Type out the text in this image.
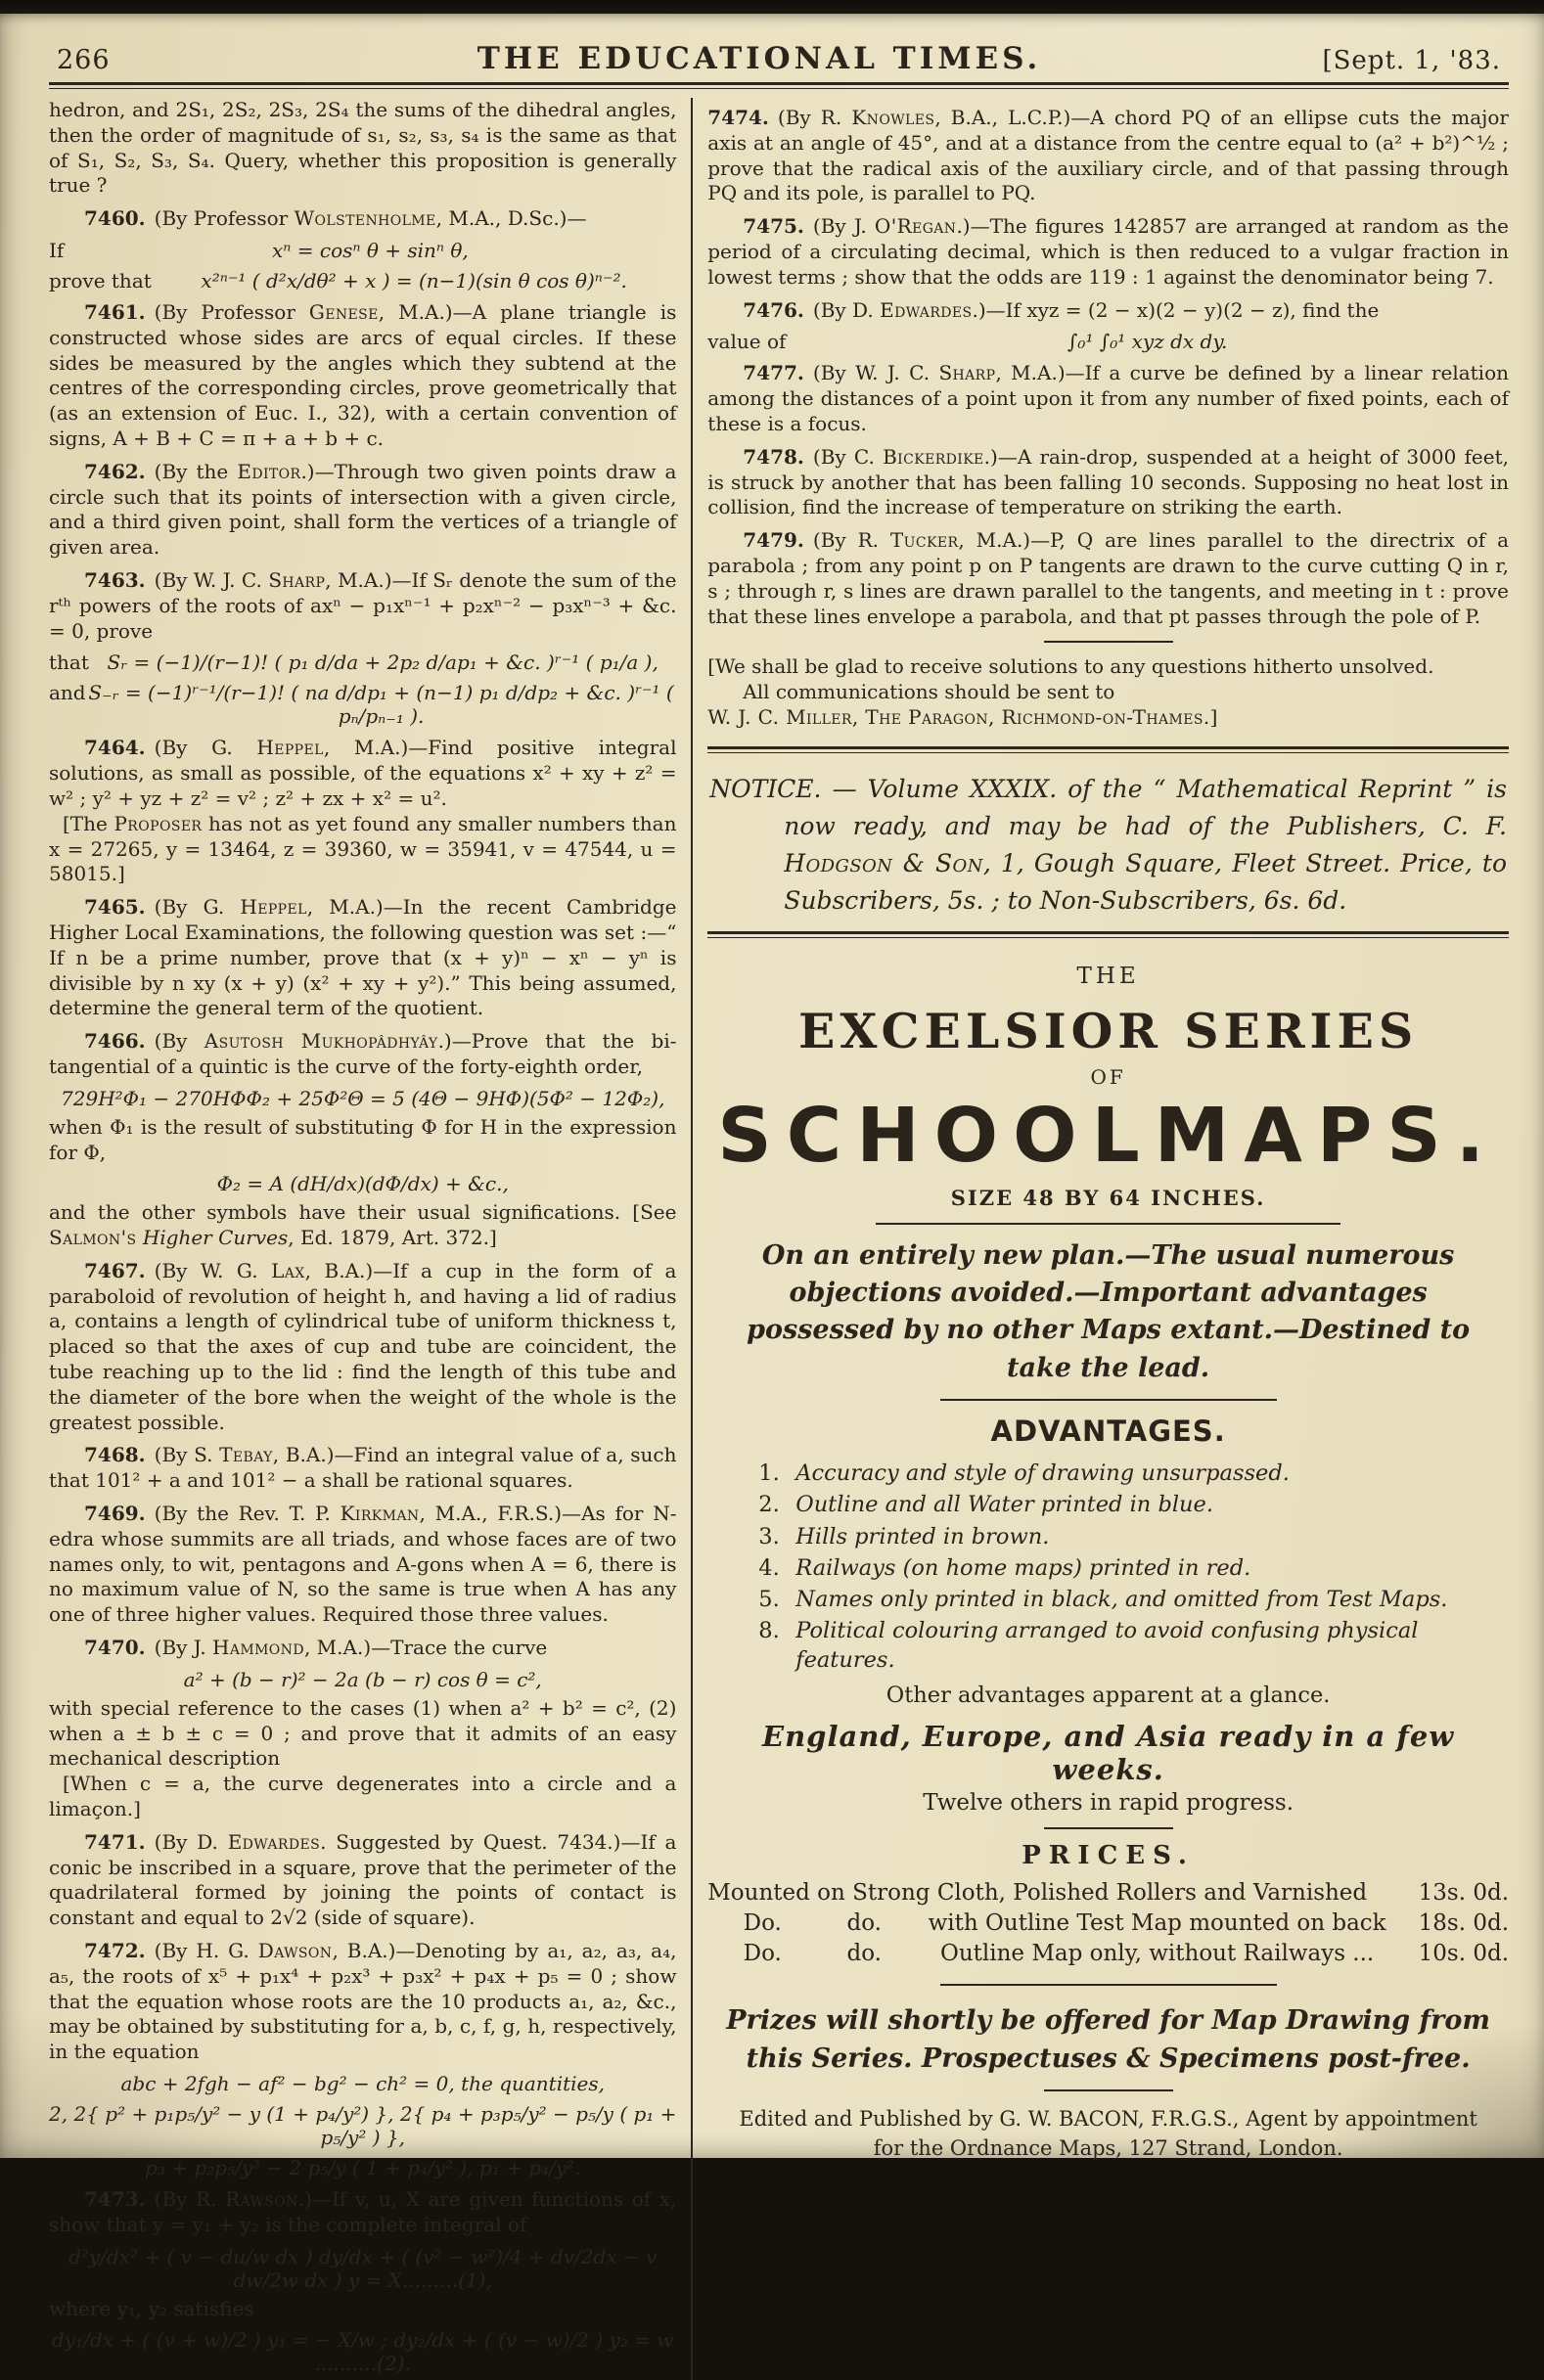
266	THE EDUCATIONAL TIMES.	[Sept. 1, '83.

hedron, and 2S₁, 2S₂, 2S₃, 2S₄ the sums of the dihedral angles, then the order of magnitude of s₁, s₂, s₃, s₄ is the same as that of S₁, S₂, S₃, S₄. Query, whether this proposition is generally true ?

7460. (By Professor Wolstenholme, M.A., D.Sc.)—

If	xⁿ = cosⁿ θ + sinⁿ θ,
prove that	x²ⁿ⁻¹ ( d²x/dθ² + x ) = (n−1)(sin θ cos θ)ⁿ⁻².

7461. (By Professor Genese, M.A.)—A plane triangle is constructed whose sides are arcs of equal circles. If these sides be measured by the angles which they subtend at the centres of the corresponding circles, prove geometrically that (as an extension of Euc. I., 32), with a certain convention of signs, A + B + C = π + a + b + c.

7462. (By the Editor.)—Through two given points draw a circle such that its points of intersection with a given circle, and a third given point, shall form the vertices of a triangle of given area.

7463. (By W. J. C. Sharp, M.A.)—If Sᵣ denote the sum of the rᵗʰ powers of the roots of axⁿ − p₁xⁿ⁻¹ + p₂xⁿ⁻² − p₃xⁿ⁻³ + &c. = 0, prove

that Sᵣ = (−1)/(r−1)! ( p₁ d/da + 2p₂ d/ap₁ + &c. )ʳ⁻¹ ( p₁/a ),
and S₋ᵣ = (−1)ʳ⁻¹/(r−1)! ( na d/dp₁ + (n−1) p₁ d/dp₂ + &c. )ʳ⁻¹ ( pₙ/pₙ₋₁ ).

7464. (By G. Heppel, M.A.)—Find positive integral solutions, as small as possible, of the equations x² + xy + z² = w² ; y² + yz + z² = v² ; z² + zx + x² = u².

[The Proposer has not as yet found any smaller numbers than x = 27265, y = 13464, z = 39360, w = 35941, v = 47544, u = 58015.]

7465. (By G. Heppel, M.A.)—In the recent Cambridge Higher Local Examinations, the following question was set :—“ If n be a prime number, prove that (x + y)ⁿ − xⁿ − yⁿ is divisible by n xy (x + y) (x² + xy + y²).” This being assumed, determine the general term of the quotient.

7466. (By Asutosh Mukhopâdhyây.)—Prove that the bi-tangential of a quintic is the curve of the forty-eighth order,

729H²Φ₁ − 270HΦΦ₂ + 25Φ²Θ = 5 (4Θ − 9HΦ)(5Φ² − 12Φ₂),

when Φ₁ is the result of substituting Φ for H in the expression for Φ,

Φ₂ = A (dH/dx)(dΦ/dx) + &c.,

and the other symbols have their usual significations. [See Salmon's Higher Curves, Ed. 1879, Art. 372.]

7467. (By W. G. Lax, B.A.)—If a cup in the form of a paraboloid of revolution of height h, and having a lid of radius a, contains a length of cylindrical tube of uniform thickness t, placed so that the axes of cup and tube are coincident, the tube reaching up to the lid : find the length of this tube and the diameter of the bore when the weight of the whole is the greatest possible.

7468. (By S. Tebay, B.A.)—Find an integral value of a, such that 101² + a and 101² − a shall be rational squares.

7469. (By the Rev. T. P. Kirkman, M.A., F.R.S.)—As for N-edra whose summits are all triads, and whose faces are of two names only, to wit, pentagons and A-gons when A = 6, there is no maximum value of N, so the same is true when A has any one of three higher values. Required those three values.

7470. (By J. Hammond, M.A.)—Trace the curve

a² + (b − r)² − 2a (b − r) cos θ = c²,

with special reference to the cases (1) when a² + b² = c², (2) when a ± b ± c = 0 ; and prove that it admits of an easy mechanical description

[When c = a, the curve degenerates into a circle and a limaçon.]

7471. (By D. Edwardes. Suggested by Quest. 7434.)—If a conic be inscribed in a square, prove that the perimeter of the quadrilateral formed by joining the points of contact is constant and equal to 2√2 (side of square).

7472. (By H. G. Dawson, B.A.)—Denoting by a₁, a₂, a₃, a₄, a₅, the roots of x⁵ + p₁x⁴ + p₂x³ + p₃x² + p₄x + p₅ = 0 ; show that the equation whose roots are the 10 products a₁, a₂, &c., may be obtained by substituting for a, b, c, f, g, h, respectively, in the equation

abc + 2fgh − af² − bg² − ch² = 0, the quantities,
2, 2{ p² + p₁p₅/y² − y (1 + p₄/y²) }, 2{ p₄ + p₃p₅/y² − p₅/y ( p₁ + p₅/y² ) },
p₃ + p₂p₅/y² − 2 p₅/y ( 1 + p₄/y² ), p₁ + p₄/y².

7473. (By R. Rawson.)—If v, u, X are given functions of x, show that y = y₁ + y₂ is the complete integral of

d²y/dx² + ( v − du/w dx ) dy/dx + ( (v² − w²)/4 + dv/2dx − v dw/2w dx ) y = X.........(1),

where y₁, y₂ satisfies

dy₁/dx + ( (v + w)/2 ) y₁ = − X/w ; dy₂/dx + ( (v − w)/2 ) y₂ = w ..........(2).

7474. (By R. Knowles, B.A., L.C.P.)—A chord PQ of an ellipse cuts the major axis at an angle of 45°, and at a distance from the centre equal to (a² + b²)^½ ; prove that the radical axis of the auxiliary circle, and of that passing through PQ and its pole, is parallel to PQ.

7475. (By J. O'Regan.)—The figures 142857 are arranged at random as the period of a circulating decimal, which is then reduced to a vulgar fraction in lowest terms ; show that the odds are 119 : 1 against the denominator being 7.

7476. (By D. Edwardes.)—If xyz = (2 − x)(2 − y)(2 − z), find the

value of	∫₀¹ ∫₀¹ xyz dx dy.

7477. (By W. J. C. Sharp, M.A.)—If a curve be defined by a linear relation among the distances of a point upon it from any number of fixed points, each of these is a focus.

7478. (By C. Bickerdike.)—A rain-drop, suspended at a height of 3000 feet, is struck by another that has been falling 10 seconds. Supposing no heat lost in collision, find the increase of temperature on striking the earth.

7479. (By R. Tucker, M.A.)—P, Q are lines parallel to the directrix of a parabola ; from any point p on P tangents are drawn to the curve cutting Q in r, s ; through r, s lines are drawn parallel to the tangents, and meeting in t : prove that these lines envelope a parabola, and that pt passes through the pole of P.

[We shall be glad to receive solutions to any questions hitherto unsolved.

All communications should be sent to

W. J. C. Miller, The Paragon, Richmond-on-Thames.]

NOTICE. — Volume XXXIX. of the “ Mathematical Reprint ” is now ready, and may be had of the Publishers, C. F. Hodgson & Son, 1, Gough Square, Fleet Street. Price, to Subscribers, 5s. ; to Non-Subscribers, 6s. 6d.

THE
EXCELSIOR SERIES
OF
SCHOOL MAPS.
SIZE 48 BY 64 INCHES.

On an entirely new plan.—The usual numerous objections avoided.—Important advantages possessed by no other Maps extant.—Destined to take the lead.

ADVANTAGES.
1. Accuracy and style of drawing unsurpassed.
2. Outline and all Water printed in blue.
3. Hills printed in brown.
4. Railways (on home maps) printed in red.
5. Names only printed in black, and omitted from Test Maps.
8. Political colouring arranged to avoid confusing physical features.
Other advantages apparent at a glance.
England, Europe, and Asia ready in a few weeks.
Twelve others in rapid progress.
PRICES.
Mounted on Strong Cloth, Polished Rollers and Varnished	13s. 0d.
Do.	do.	with Outline Test Map mounted on back	18s. 0d.
Do.	do.	Outline Map only, without Railways ...	10s. 0d.

Prizes will shortly be offered for Map Drawing from this Series. Prospectuses & Specimens post-free.

Edited and Published by G. W. BACON, F.R.G.S., Agent by appointment
for the Ordnance Maps, 127 Strand, London.
